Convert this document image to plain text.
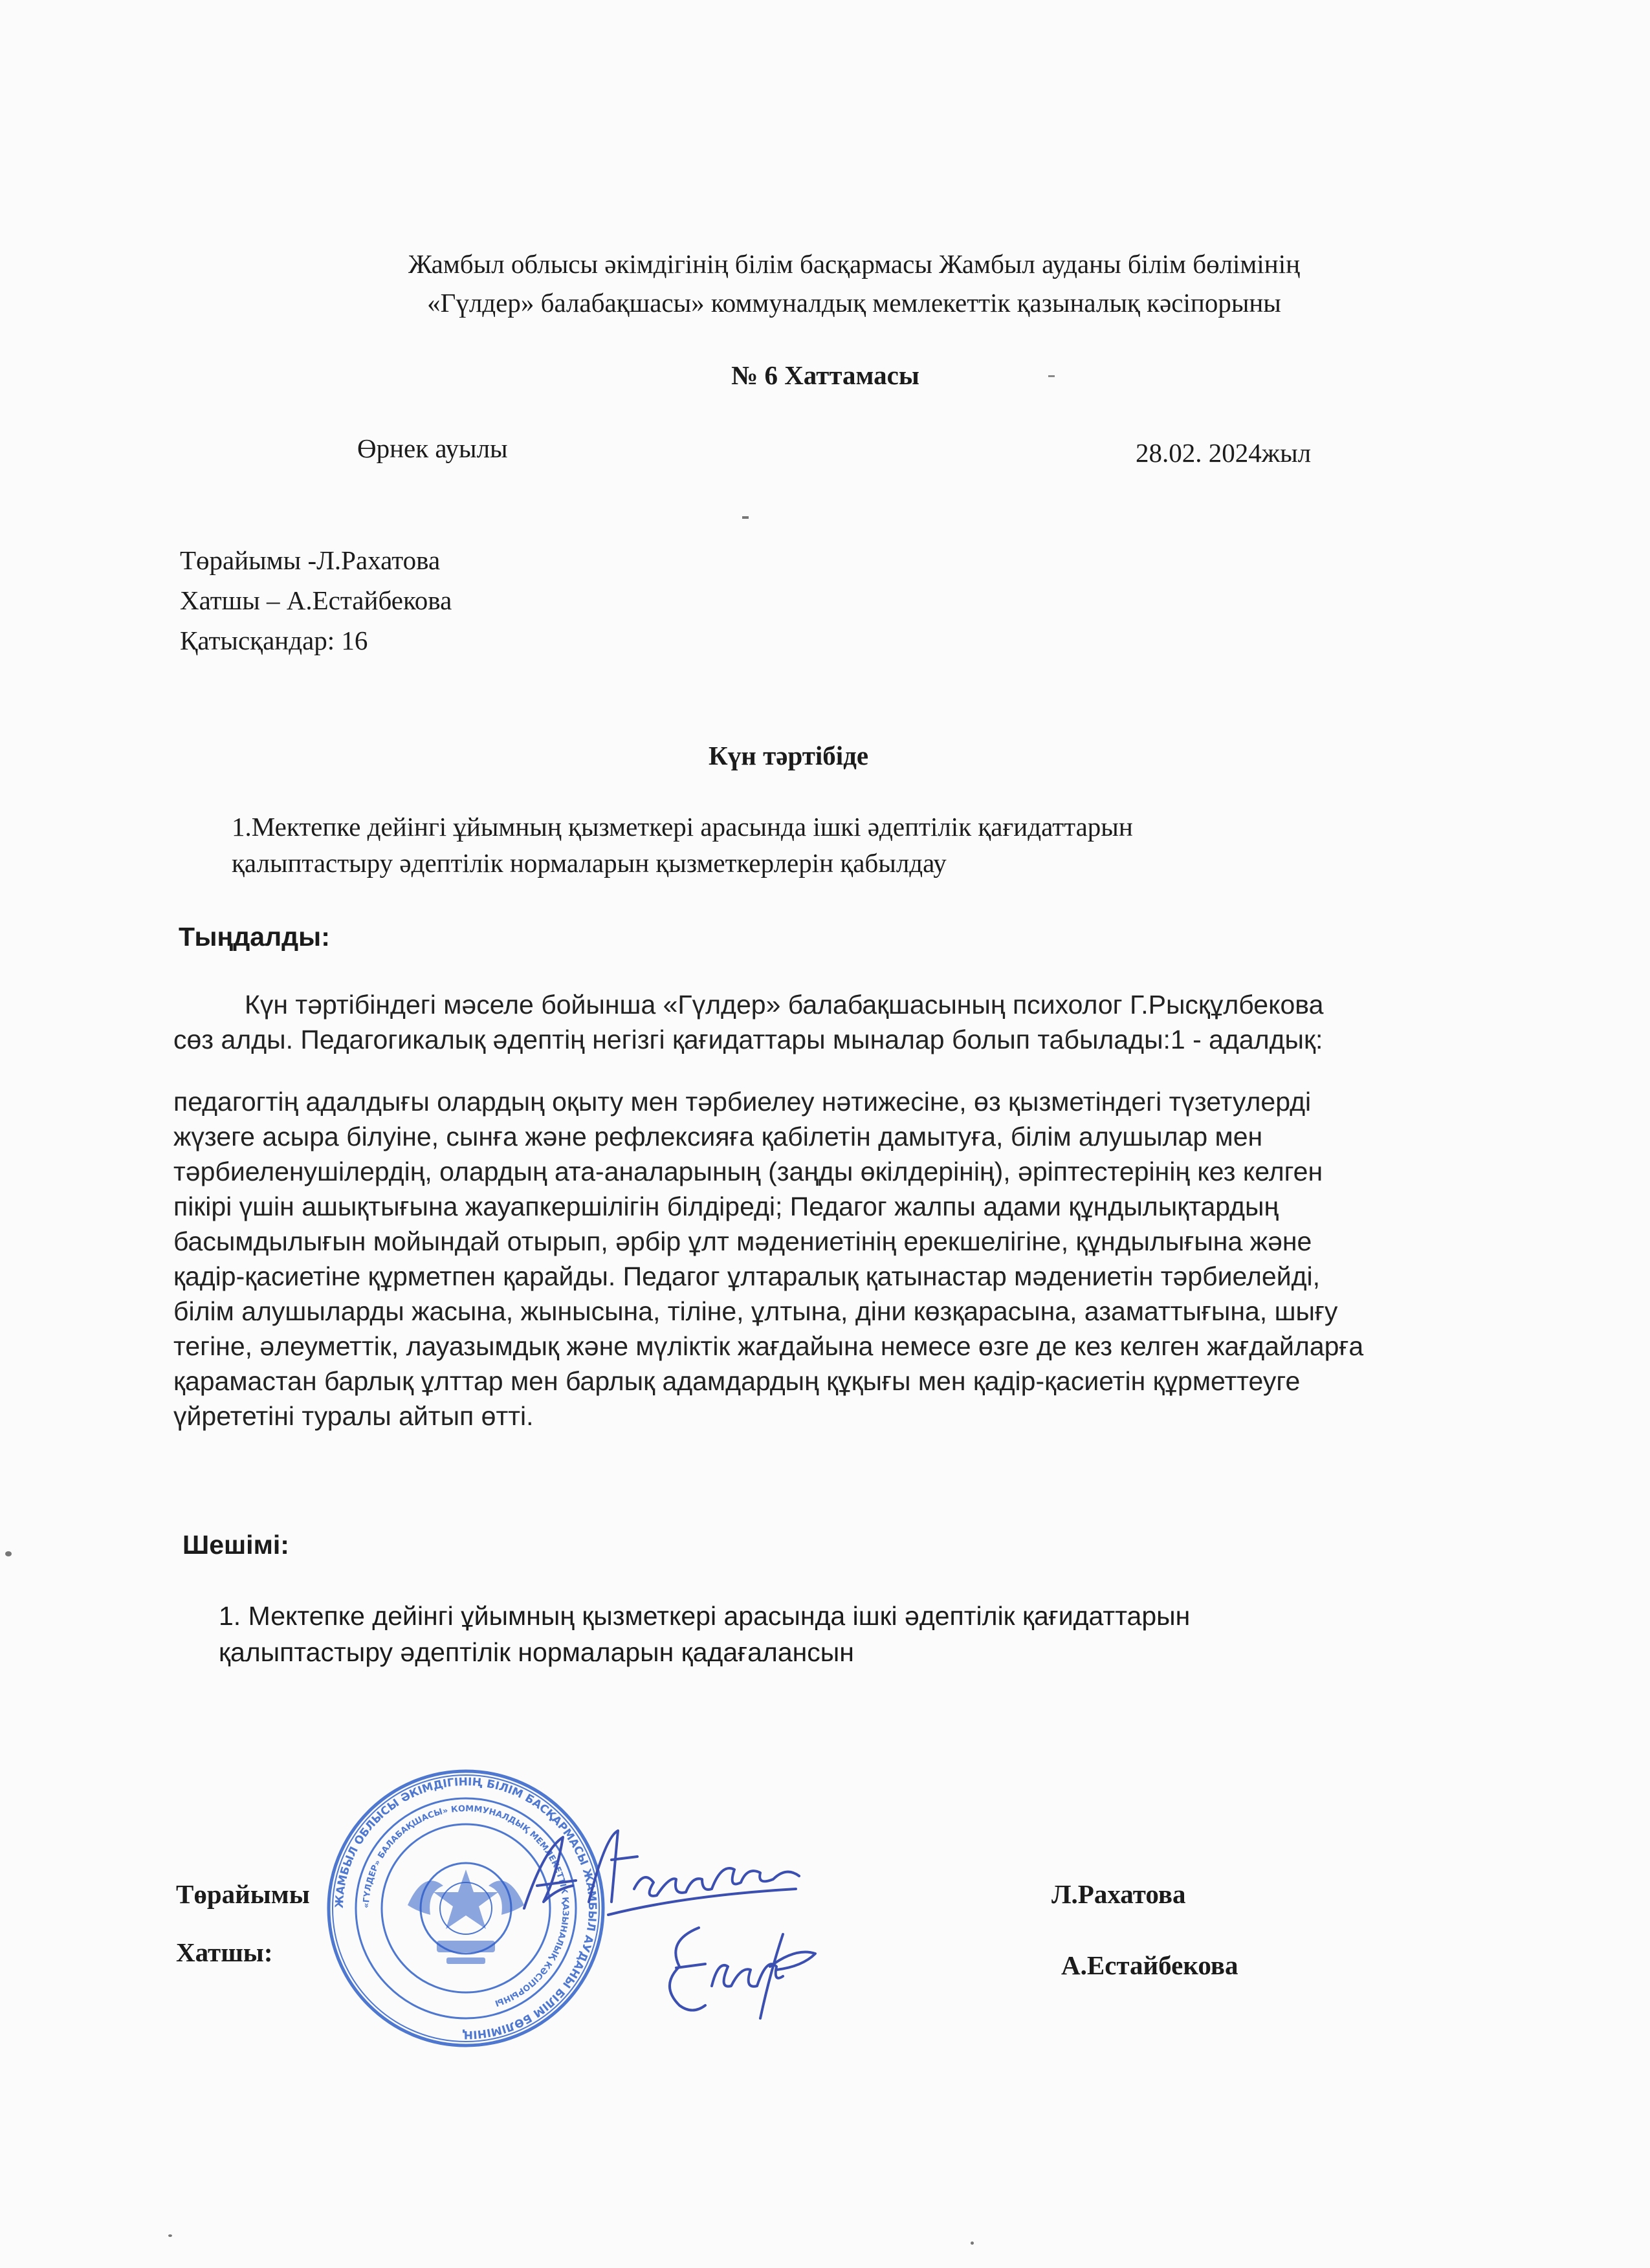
Жамбыл облысы әкімдігінің білім басқармасы Жамбыл ауданы білім бөлімінің
«Гүлдер» балабақшасы» коммуналдық мемлекеттік қазыналық кәсіпорыны
№ 6 Хаттамасы
Өрнек ауылы	28.02. 2024жыл
Төрайымы -Л.Рахатова
Хатшы – А.Естайбекова
Қатысқандар: 16
Күн тәртібіде
1.Мектепке дейінгі ұйымның қызметкері арасында ішкі әдептілік қағидаттарын
қалыптастыру әдептілік нормаларын қызметкерлерін қабылдау
Тыңдалды:
Күн тәртібіндегі мәселе бойынша «Гүлдер» балабақшасының психолог Г.Рысқұлбекова
сөз алды. Педагогикалық әдептің негізгі қағидаттары мыналар болып табылады:1 - адалдық:
педагогтің адалдығы олардың оқыту мен тәрбиелеу нәтижесіне, өз қызметіндегі түзетулерді
жүзеге асыра білуіне, сынға және рефлексияға қабілетін дамытуға, білім алушылар мен
тәрбиеленушілердің, олардың ата-аналарының (заңды өкілдерінің), әріптестерінің кез келген
пікірі үшін ашықтығына жауапкершілігін білдіреді; Педагог жалпы адами құндылықтардың
басымдылығын мойындай отырып, әрбір ұлт мәдениетінің ерекшелігіне, құндылығына және
қадір-қасиетіне құрметпен қарайды. Педагог ұлтаралық қатынастар мәдениетін тәрбиелейді,
білім алушыларды жасына, жынысына, тіліне, ұлтына, діни көзқарасына, азаматтығына, шығу
тегіне, әлеуметтік, лауазымдық және мүліктік жағдайына немесе өзге де кез келген жағдайларға
қарамастан барлық ұлттар мен барлық адамдардың құқығы мен қадір-қасиетін құрметтеуге
үйрететіні туралы айтып өтті.
Шешімі:
1. Мектепке дейінгі ұйымның қызметкері арасында ішкі әдептілік қағидаттарын
қалыптастыру әдептілік нормаларын қадағалансын
Төрайымы	Л.Рахатова
Хатшы:	А.Естайбекова
ЖАМБЫЛ ОБЛЫСЫ ӘКІМДІГІНІҢ БІЛІМ БАСҚАРМАСЫ ЖАМБЫЛ АУДАНЫ БІЛІМ БӨЛІМІНІҢ
«ГҮЛДЕР» БАЛАБАҚШАСЫ» КОММУНАЛДЫҚ МЕМЛЕКЕТТІК ҚАЗЫНАЛЫҚ КӘСІПОРЫНЫ
